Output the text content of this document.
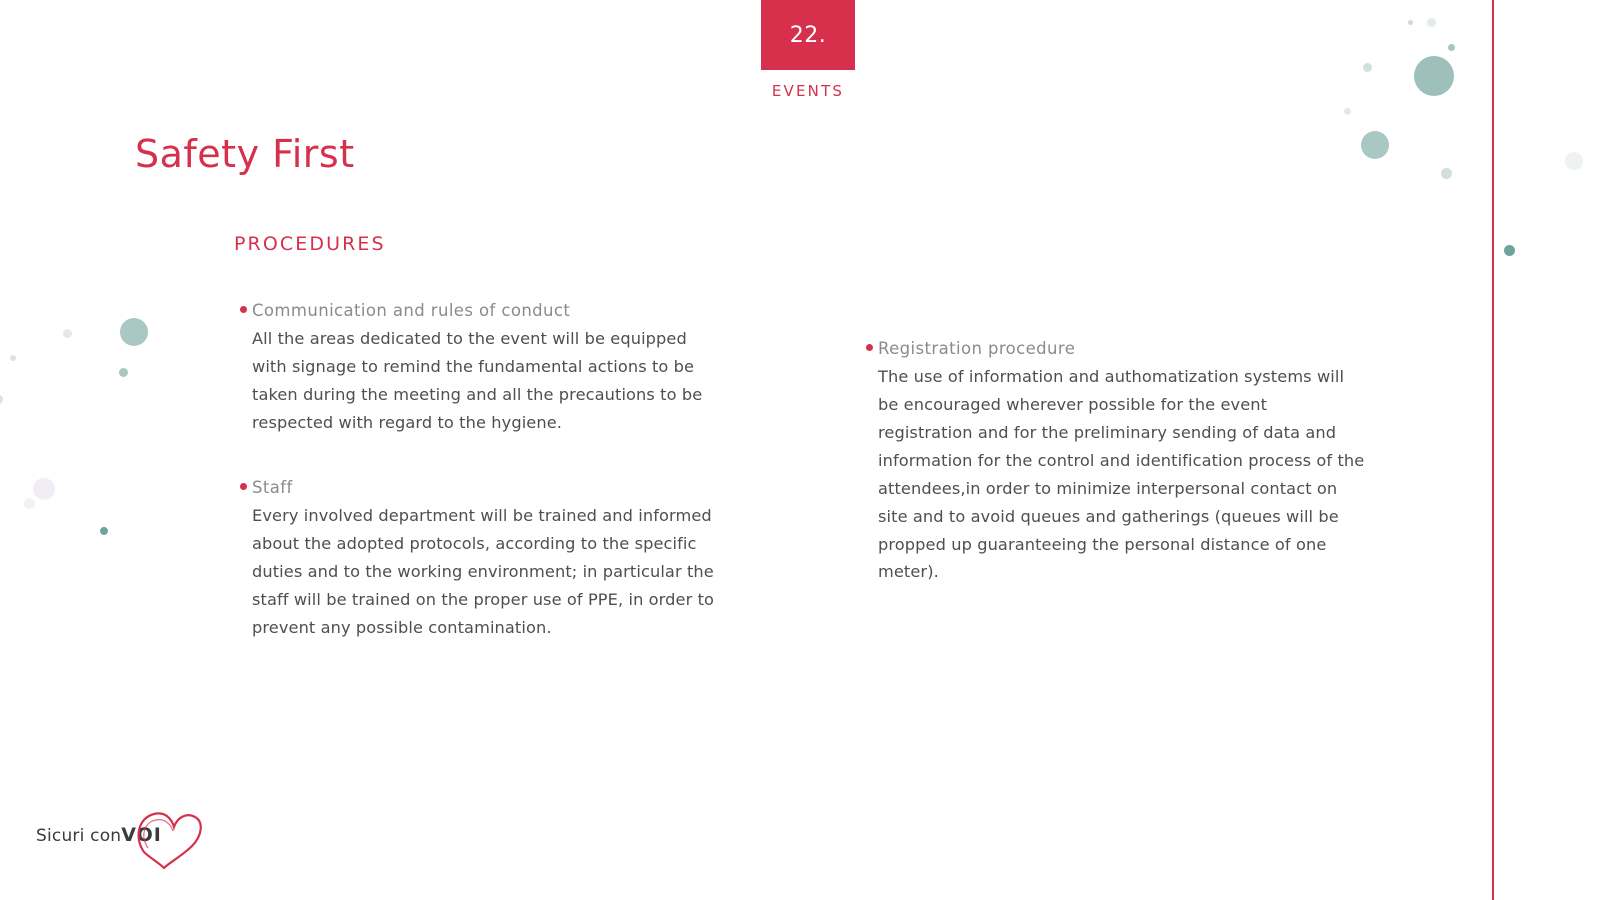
22.
EVENTS
Safety First
PROCEDURES
Communication and rules of conduct
All the areas dedicated to the event will be equipped with signage to remind the fundamental actions to be taken during the meeting and all the precautions to be respected with regard to the hygiene.
Staff
Every involved department will be trained and informed about the adopted protocols, according to the specific duties and to the working environment; in particular the staff will be trained on the proper use of PPE, in order to prevent any possible contamination.
Registration procedure
The use of information and authomatization systems will be encouraged wherever possible for the event registration and for the preliminary sending of data and information for the control and identification process of the attendees,in order to minimize interpersonal contact on site and to avoid queues and gatherings (queues will be propped up guaranteeing the personal distance of one meter).
Sicuri conVOI
